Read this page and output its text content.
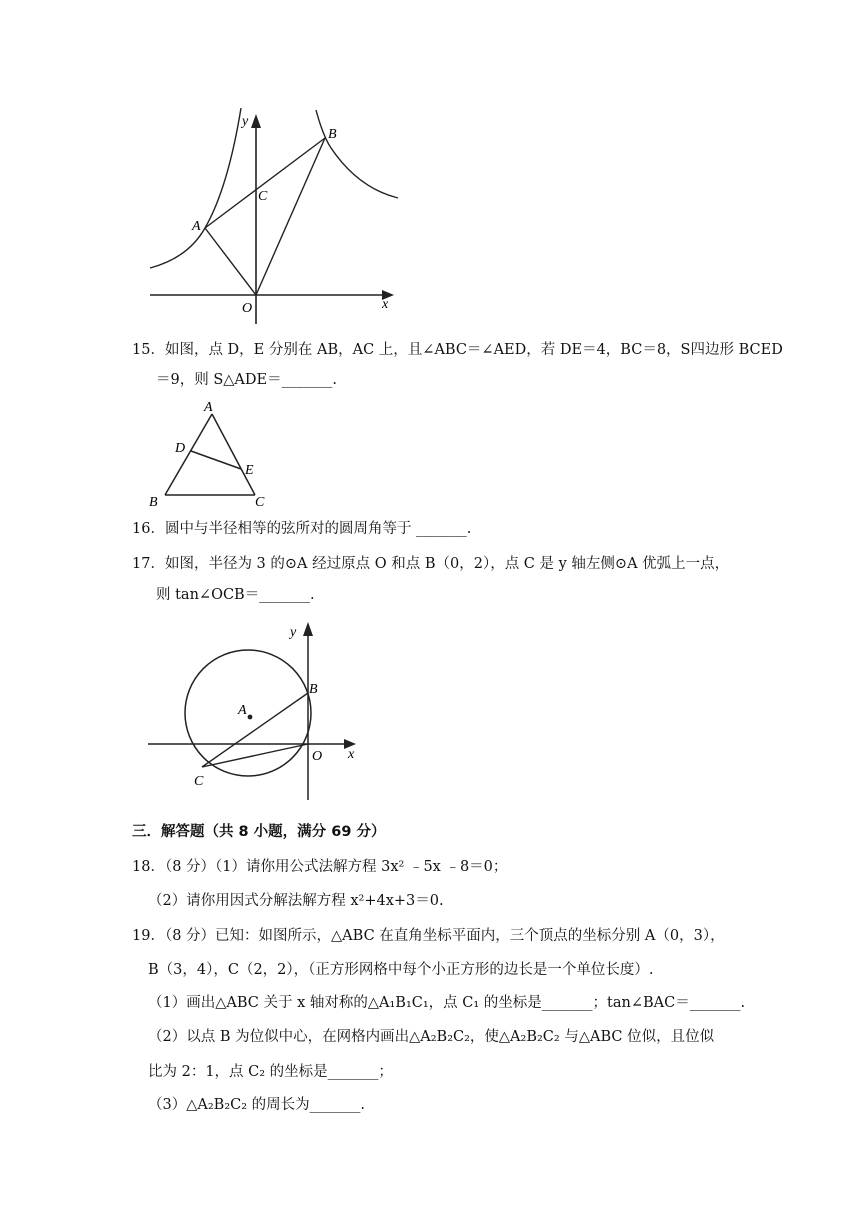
y
x
A
B
C
O
15．如图，点 D，E 分别在 AB，AC 上，且∠ABC＝∠AED，若 DE＝4，BC＝8，S四边形 BCED
＝9，则 S△ADE＝_______.
A
B	C
D
E
16．圆中与半径相等的弦所对的圆周角等于 _______.
17．如图，半径为 3 的⊙A 经过原点 O 和点 B（0，2），点 C 是 y 轴左侧⊙A 优弧上一点，
则 tan∠OCB＝_______.
y
x
A
B
C
O
三．解答题（共 8 小题，满分 69 分）
18．（8 分）（1）请你用公式法解方程 3x² ﹣5x ﹣8＝0；
（2）请你用因式分解法解方程 x²+4x+3＝0.
19．（8 分）已知：如图所示，△ABC 在直角坐标平面内，三个顶点的坐标分别 A（0，3），
B（3，4），C（2，2），（正方形网格中每个小正方形的边长是一个单位长度）.
（1）画出△ABC 关于 x 轴对称的△A₁B₁C₁，点 C₁ 的坐标是_______；tan∠BAC＝_______.
（2）以点 B 为位似中心，在网格内画出△A₂B₂C₂，使△A₂B₂C₂ 与△ABC 位似，且位似
比为 2：1，点 C₂ 的坐标是_______；
（3）△A₂B₂C₂ 的周长为_______.
